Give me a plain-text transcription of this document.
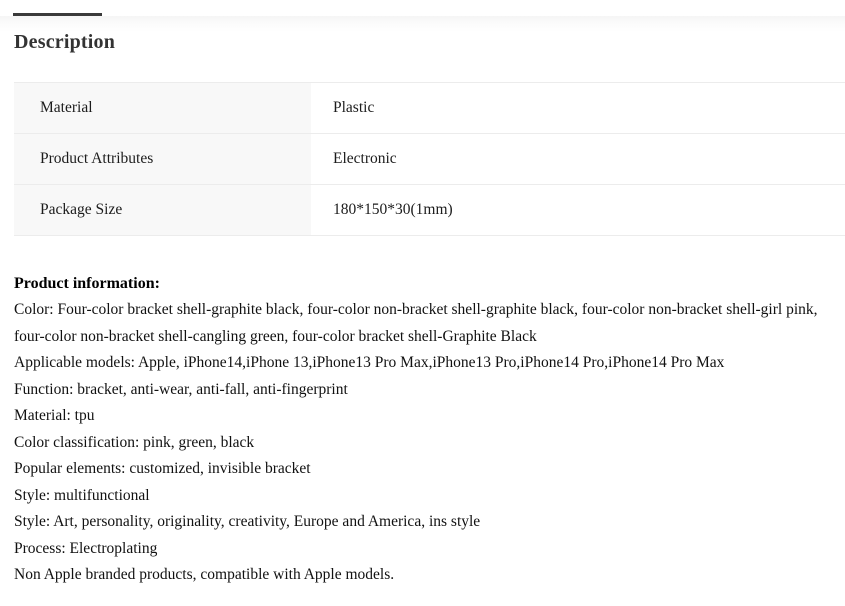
Description
Material	Plastic
Product Attributes	Electronic
Package Size	180*150*30(1mm)

Product information:

Color: Four-color bracket shell-graphite black, four-color non-bracket shell-graphite black, four-color non-bracket shell-girl pink, four-color non-bracket shell-cangling green, four-color bracket shell-Graphite Black

Applicable models: Apple, iPhone14,iPhone 13,iPhone13 Pro Max,iPhone13 Pro,iPhone14 Pro,iPhone14 Pro Max

Function: bracket, anti-wear, anti-fall, anti-fingerprint

Material: tpu

Color classification: pink, green, black

Popular elements: customized, invisible bracket

Style: multifunctional

Style: Art, personality, originality, creativity, Europe and America, ins style

Process: Electroplating

Non Apple branded products, compatible with Apple models.
